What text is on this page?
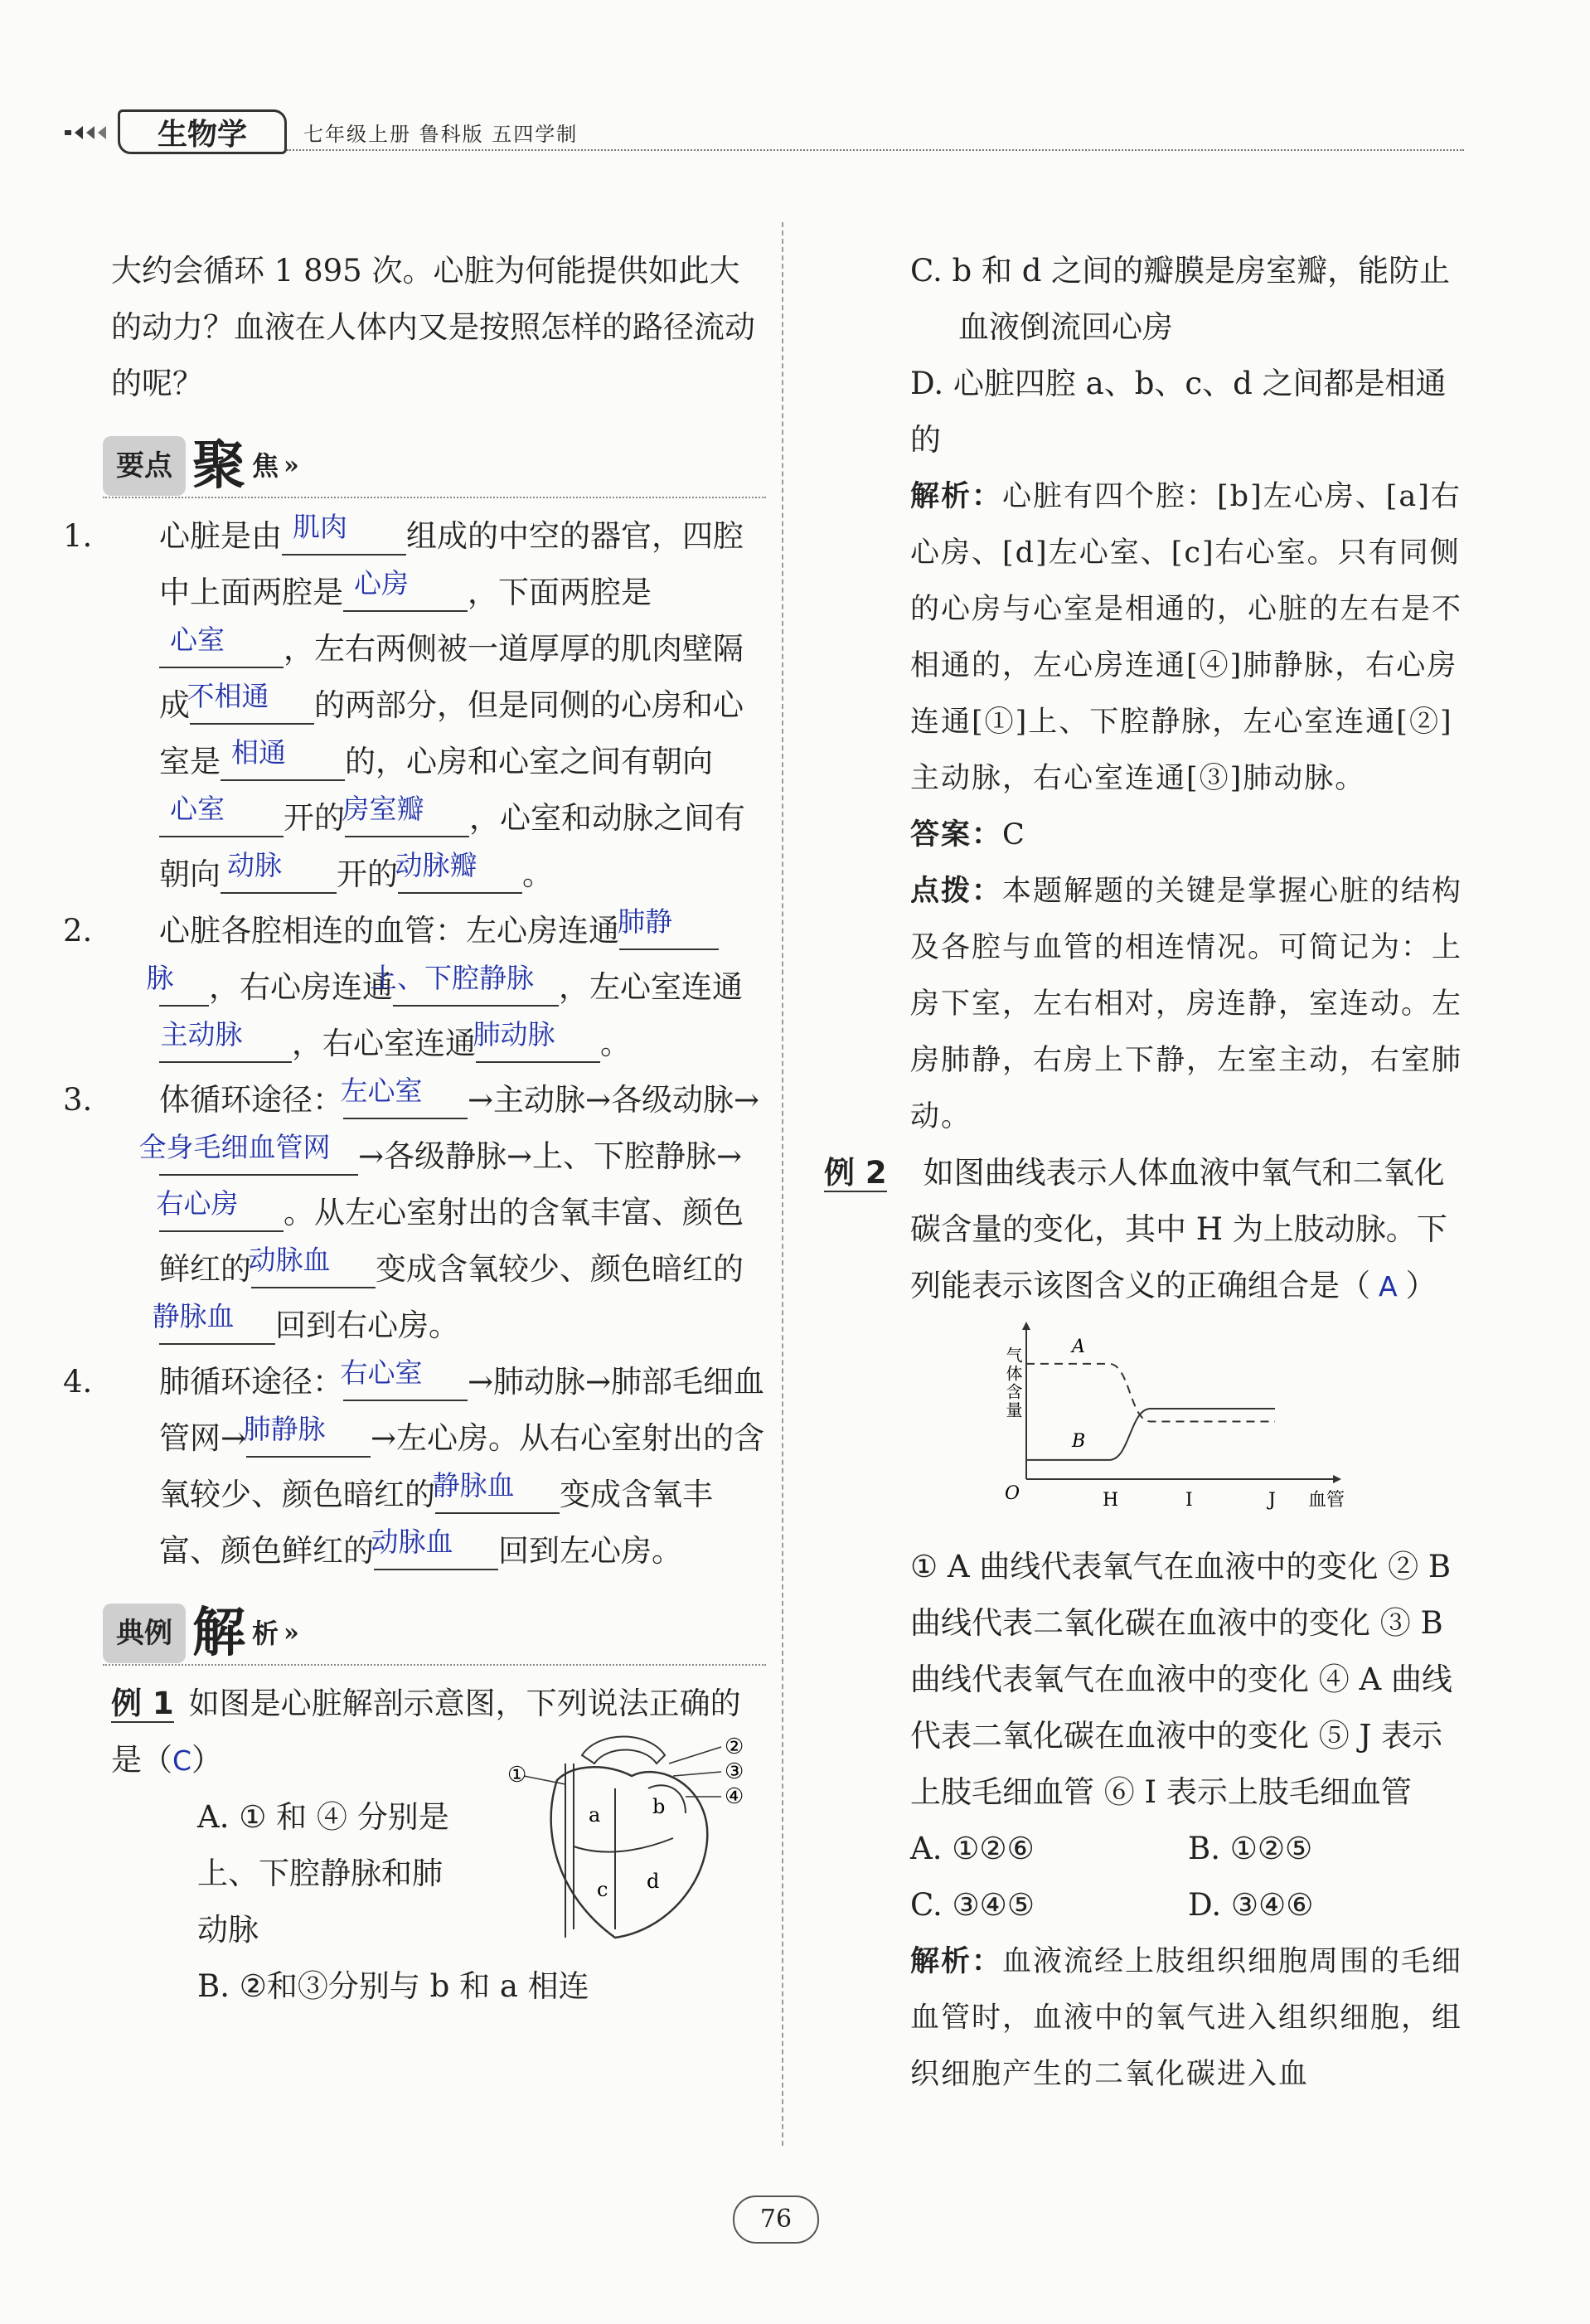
生物学	七年级上册 鲁科版 五四学制

大约会循环 1 895 次。心脏为何能提供如此大的动力？血液在人体内又是按照怎样的路径流动的呢？

要点 聚 焦 »

1. 心脏是由 肌肉 组成的中空的器官，四腔中上面两腔是 心房 ，下面两腔是心室 ，左右两侧被一道厚厚的肌肉壁隔成不相通 的两部分，但是同侧的心房和心室是 相通 的，心房和心室之间有朝向心室 开的房室瓣 ，心室和动脉之间有朝向 动脉 开的动脉瓣 。

2. 心脏各腔相连的血管：左心房连通肺静脉 ，右心房连通上、下腔静脉 ，左心室连通主动脉 ，右心室连通肺动脉 。

3. 体循环途径：左心室 →主动脉→各级动脉→全身毛细血管网 →各级静脉→上、下腔静脉→右心房 。从左心室射出的含氧丰富、颜色鲜红的动脉血 变成含氧较少、颜色暗红的静脉血 回到右心房。

4. 肺循环途径：右心室 →肺动脉→肺部毛细血管网→肺静脉 →左心房。从右心室射出的含氧较少、颜色暗红的静脉血 变成含氧丰富、颜色鲜红的动脉血 回到左心房。

典例 解 析 »

例 1 如图是心脏解剖示意图，下列说法正确的是（C）

A. ① 和 ④ 分别是上、下腔静脉和肺动脉

B. ②和③分别与 b 和 a 相连

①
②
③
④
a	b
c d

C. b 和 d 之间的瓣膜是房室瓣，能防止血液倒流回心房

D. 心脏四腔 a、b、c、d 之间都是相通的

解析：心脏有四个腔：[b]左心房、[a]右心房、[d]左心室、[c]右心室。只有同侧的心房与心室是相通的，心脏的左右是不相通的，左心房连通[④]肺静脉，右心房连通[①]上、下腔静脉，左心室连通[②]主动脉，右心室连通[③]肺动脉。

答案：C

点拨：本题解题的关键是掌握心脏的结构及各腔与血管的相连情况。可简记为：上房下室，左右相对，房连静，室连动。左房肺静，右房上下静，左室主动，右室肺动。

例 2 如图曲线表示人体血液中氧气和二氧化碳含量的变化，其中 H 为上肢动脉。下列能表示该图含义的正确组合是（ A ）

气体含量
血管
O	H	I	J
A
B

① A 曲线代表氧气在血液中的变化 ② B 曲线代表二氧化碳在血液中的变化 ③ B 曲线代表氧气在血液中的变化 ④ A 曲线代表二氧化碳在血液中的变化 ⑤ J 表示上肢毛细血管 ⑥ I 表示上肢毛细血管

A. ①②⑥	B. ①②⑤
C. ③④⑤	D. ③④⑥

解析：血液流经上肢组织细胞周围的毛细血管时，血液中的氧气进入组织细胞，组织细胞产生的二氧化碳进入血

76
